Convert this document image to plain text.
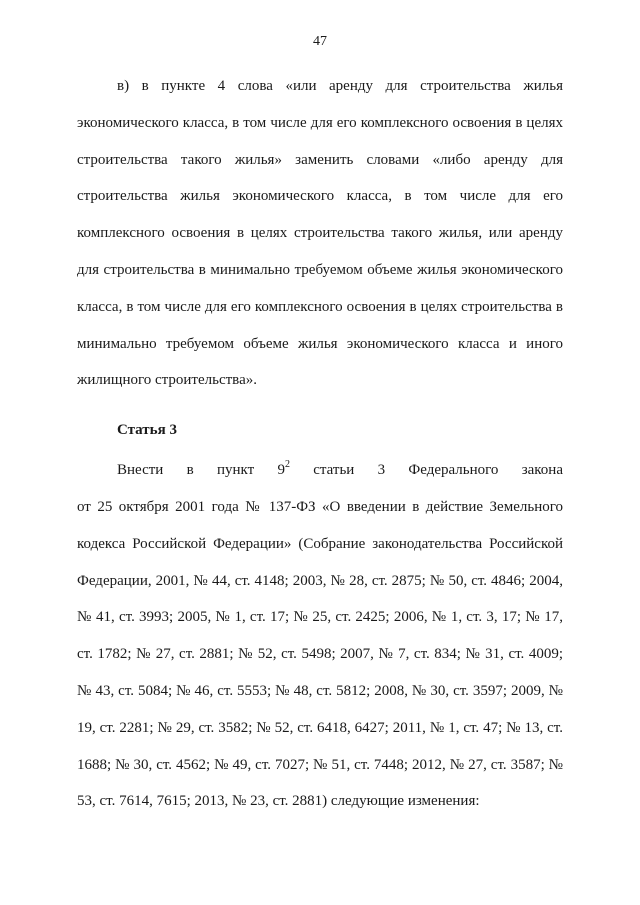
47

в) в пункте 4 слова «или аренду для строительства жилья экономического класса, в том числе для его комплексного освоения в целях строительства такого жилья» заменить словами «либо аренду для строительства жилья экономического класса, в том числе для его комплексного освоения в целях строительства такого жилья, или аренду для строительства в минимально требуемом объеме жилья экономического класса, в том числе для его комплексного освоения в целях строительства в минимально требуемом объеме жилья экономического класса и иного жилищного строительства».

Статья 3
Внести в пункт $9^2$ статьи 3 Федерального закона

от 25 октября 2001 года № 137-ФЗ «О введении в действие Земельного кодекса Российской Федерации» (Собрание законодательства Российской Федерации, 2001, № 44, ст. 4148; 2003, № 28, ст. 2875; № 50, ст. 4846; 2004, № 41, ст. 3993; 2005, № 1, ст. 17; № 25, ст. 2425; 2006, № 1, ст. 3, 17; № 17, ст. 1782; № 27, ст. 2881; № 52, ст. 5498; 2007, № 7, ст. 834; № 31, ст. 4009; № 43, ст. 5084; № 46, ст. 5553; № 48, ст. 5812; 2008, № 30, ст. 3597; 2009, № 19, ст. 2281; № 29, ст. 3582; № 52, ст. 6418, 6427; 2011, № 1, ст. 47; № 13, ст. 1688; № 30, ст. 4562; № 49, ст. 7027; № 51, ст. 7448; 2012, № 27, ст. 3587; № 53, ст. 7614, 7615; 2013, № 23, ст. 2881) следующие изменения:
